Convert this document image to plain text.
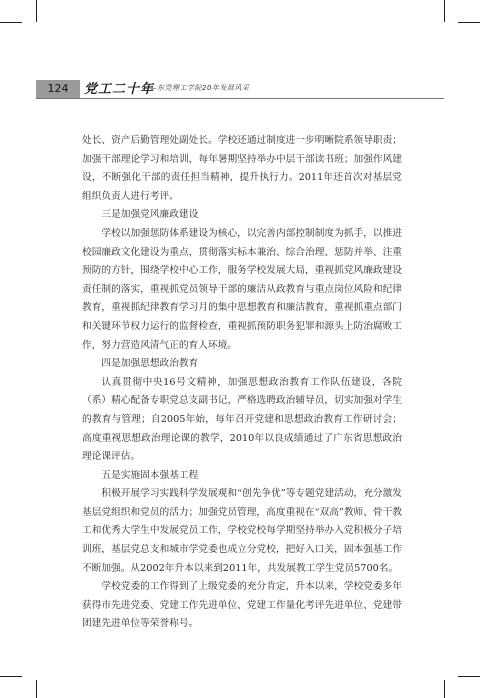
124	党工二十年
——东莞理工学院20年发展风采

处长、资产后勤管理处副处长。学校还通过制度进一步明晰院系领导职责；加强干部理论学习和培训，每年暑期坚持举办中层干部读书班；加强作风建设，不断强化干部的责任担当精神，提升执行力。2011年还首次对基层党组织负责人进行考评。

三是加强党风廉政建设

学校以加强惩防体系建设为核心，以完善内部控制制度为抓手，以推进校园廉政文化建设为重点，贯彻落实标本兼治、综合治理、惩防并举、注重预防的方针，围绕学校中心工作，服务学校发展大局，重视抓党风廉政建设责任制的落实，重视抓党员领导干部的廉洁从政教育与重点岗位风险和纪律教育，重视抓纪律教育学习月的集中思想教育和廉洁教育，重视抓重点部门和关键环节权力运行的监督检查，重视抓预防职务犯罪和源头上防治腐败工作，努力营造风清气正的育人环境。

四是加强思想政治教育

认真贯彻中央16号文精神，加强思想政治教育工作队伍建设，各院（系）精心配备专职党总支副书记，严格选聘政治辅导员，切实加强对学生的教育与管理；自2005年始，每年召开党建和思想政治教育工作研讨会；高度重视思想政治理论课的教学，2010年以良成绩通过了广东省思想政治理论课评估。

五是实施固本强基工程

积极开展学习实践科学发展观和“创先争优”等专题党建活动，充分激发基层党组织和党员的活力；加强党员管理，高度重视在“双高”教师、骨干教工和优秀大学生中发展党员工作，学校党校每学期坚持举办入党积极分子培训班，基层党总支和城市学党委也成立分党校，把好入口关，固本强基工作不断加强。从2002年升本以来到2011年，共发展教工学生党员5700名。

学校党委的工作得到了上级党委的充分肯定，升本以来，学校党委多年获得市先进党委、党建工作先进单位、党建工作量化考评先进单位、党建带团建先进单位等荣誉称号。
